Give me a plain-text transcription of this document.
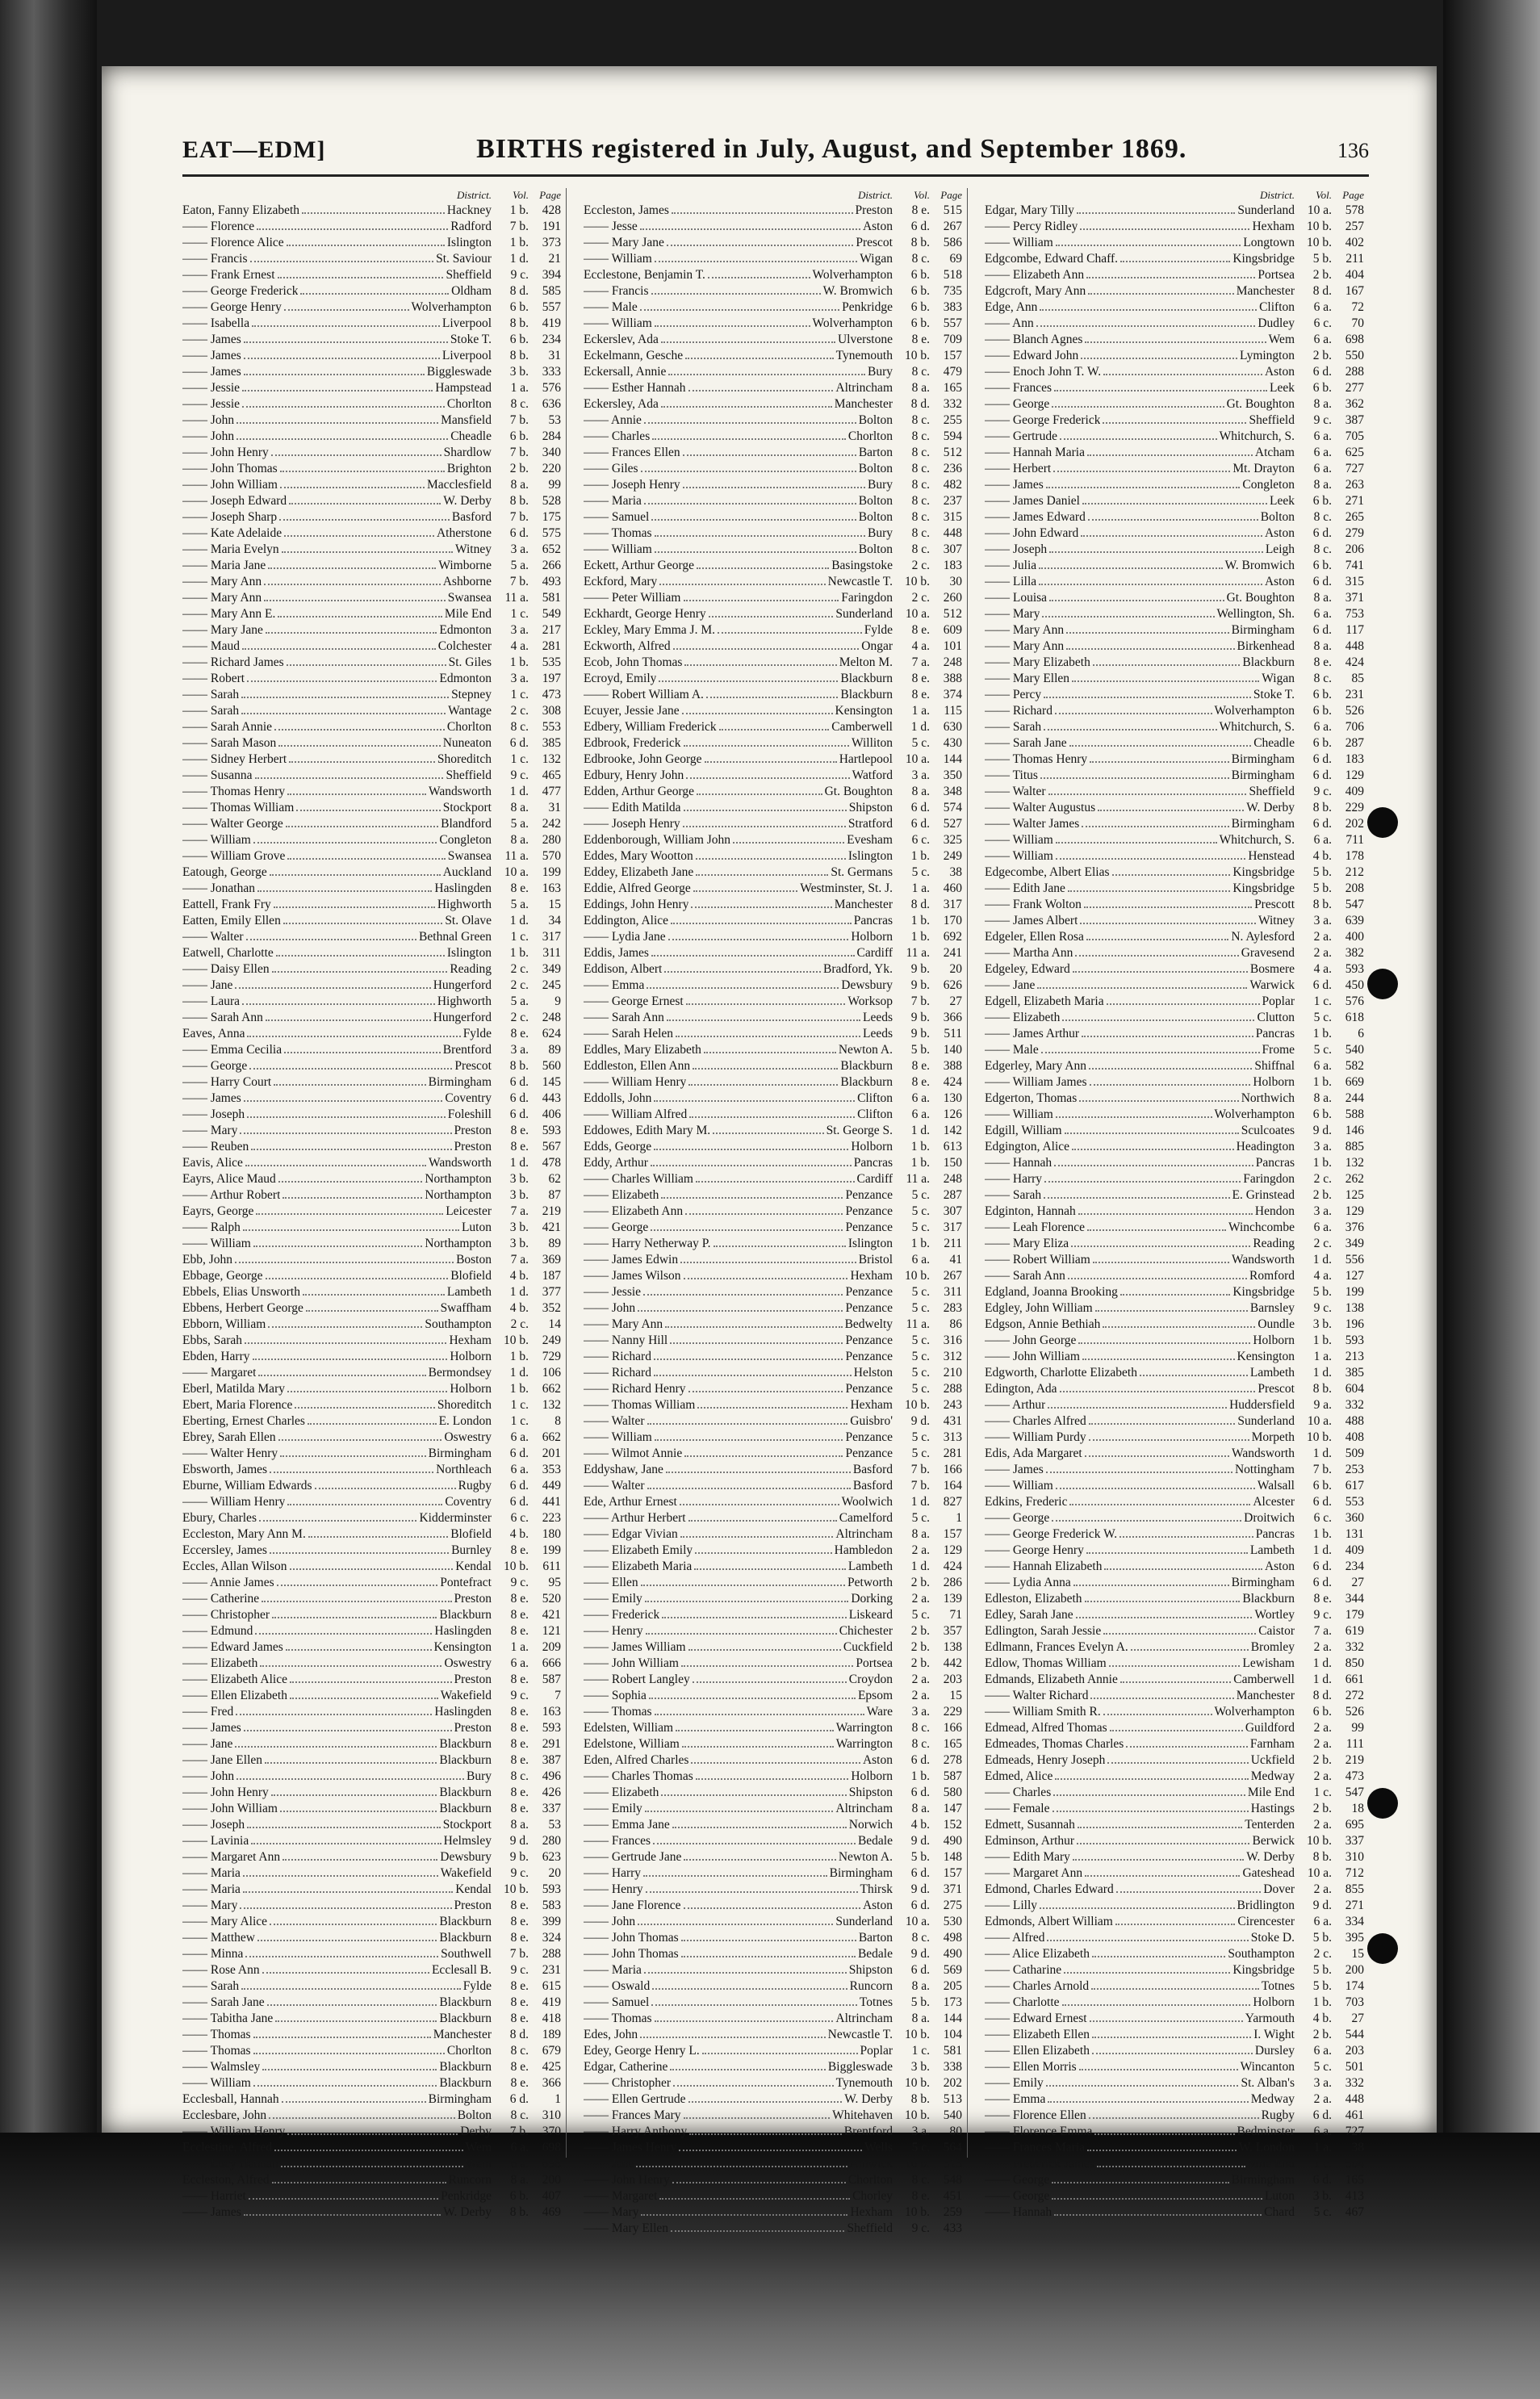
EAT—EDM]	BIRTHS registered in July, August, and September 1869.	136
District.	Vol.	Page
Eaton, Fanny Elizabeth	Hackney	1 b.	428
—— Florence	Radford	7 b.	191
—— Florence Alice	Islington	1 b.	373
—— Francis	St. Saviour	1 d.	21
—— Frank Ernest	Sheffield	9 c.	394
—— George Frederick	Oldham	8 d.	585
—— George Henry	Wolverhampton	6 b.	557
—— Isabella	Liverpool	8 b.	419
—— James	Stoke T.	6 b.	234
—— James	Liverpool	8 b.	31
—— James	Biggleswade	3 b.	333
—— Jessie	Hampstead	1 a.	576
—— Jessie	Chorlton	8 c.	636
—— John	Mansfield	7 b.	53
—— John	Cheadle	6 b.	284
—— John Henry	Shardlow	7 b.	340
—— John Thomas	Brighton	2 b.	220
—— John William	Macclesfield	8 a.	99
—— Joseph Edward	W. Derby	8 b.	528
—— Joseph Sharp	Basford	7 b.	175
—— Kate Adelaide	Atherstone	6 d.	575
—— Maria Evelyn	Witney	3 a.	652
—— Maria Jane	Wimborne	5 a.	266
—— Mary Ann	Ashborne	7 b.	493
—— Mary Ann	Swansea	11 a.	581
—— Mary Ann E.	Mile End	1 c.	549
—— Mary Jane	Edmonton	3 a.	217
—— Maud	Colchester	4 a.	281
—— Richard James	St. Giles	1 b.	535
—— Robert	Edmonton	3 a.	197
—— Sarah	Stepney	1 c.	473
—— Sarah	Wantage	2 c.	308
—— Sarah Annie	Chorlton	8 c.	553
—— Sarah Mason	Nuneaton	6 d.	385
—— Sidney Herbert	Shoreditch	1 c.	132
—— Susanna	Sheffield	9 c.	465
—— Thomas Henry	Wandsworth	1 d.	477
—— Thomas William	Stockport	8 a.	31
—— Walter George	Blandford	5 a.	242
—— William	Congleton	8 a.	280
—— William Grove	Swansea	11 a.	570
Eatough, George	Auckland	10 a.	199
—— Jonathan	Haslingden	8 e.	163
Eattell, Frank Fry	Highworth	5 a.	15
Eatten, Emily Ellen	St. Olave	1 d.	34
—— Walter	Bethnal Green	1 c.	317
Eatwell, Charlotte	Islington	1 b.	311
—— Daisy Ellen	Reading	2 c.	349
—— Jane	Hungerford	2 c.	245
—— Laura	Highworth	5 a.	9
—— Sarah Ann	Hungerford	2 c.	248
Eaves, Anna	Fylde	8 e.	624
—— Emma Cecilia	Brentford	3 a.	89
—— George	Prescot	8 b.	560
—— Harry Court	Birmingham	6 d.	145
—— James	Coventry	6 d.	443
—— Joseph	Foleshill	6 d.	406
—— Mary	Preston	8 e.	593
—— Reuben	Preston	8 e.	567
Eavis, Alice	Wandsworth	1 d.	478
Eayrs, Alice Maud	Northampton	3 b.	62
—— Arthur Robert	Northampton	3 b.	87
Eayrs, George	Leicester	7 a.	219
—— Ralph	Luton	3 b.	421
—— William	Northampton	3 b.	89
Ebb, John	Boston	7 a.	369
Ebbage, George	Blofield	4 b.	187
Ebbels, Elias Unsworth	Lambeth	1 d.	377
Ebbens, Herbert George	Swaffham	4 b.	352
Ebborn, William	Southampton	2 c.	14
Ebbs, Sarah	Hexham 10 b.	249
Ebden, Harry	Holborn	1 b.	729
—— Margaret	Bermondsey	1 d.	106
Eberl, Matilda Mary	Holborn	1 b.	662
Ebert, Maria Florence	Shoreditch	1 c.	132
Eberting, Ernest Charles	E. London	1 c.	8
Ebrey, Sarah Ellen	Oswestry	6 a.	662
—— Walter Henry	Birmingham	6 d.	201
Ebsworth, James	Northleach	6 a.	353
Eburne, William Edwards	Rugby	6 d.	449
—— William Henry	Coventry	6 d.	441
Ebury, Charles	Kidderminster	6 c.	223
Eccleston, Mary Ann M.	Blofield	4 b.	180
Eccersley, James	Burnley	8 e.	199
Eccles, Allan Wilson	Kendal 10 b.	611
—— Annie James	Pontefract	9 c.	95
—— Catherine	Preston	8 e.	520
—— Christopher	Blackburn	8 e.	421
—— Edmund	Haslingden	8 e.	121
—— Edward James	Kensington	1 a.	209
—— Elizabeth	Oswestry	6 a.	666
—— Elizabeth Alice	Preston	8 e.	587
—— Ellen Elizabeth	Wakefield	9 c.	7
—— Fred	Haslingden	8 e.	163
—— James	Preston	8 e.	593
—— Jane	Blackburn	8 e.	291
—— Jane Ellen	Blackburn	8 e.	387
—— John	Bury	8 c.	496
—— John Henry	Blackburn	8 e.	426
—— John William	Blackburn	8 e.	337
—— Joseph	Stockport	8 a.	53
—— Lavinia	Helmsley	9 d.	280
—— Margaret Ann	Dewsbury	9 b.	623
—— Maria	Wakefield	9 c.	20
—— Maria	Kendal 10 b.	593
—— Mary	Preston	8 e.	583
—— Mary Alice	Blackburn	8 e.	399
—— Matthew	Blackburn	8 e.	324
—— Minna	Southwell	7 b.	288
—— Rose Ann	Ecclesall B.	9 c.	231
—— Sarah	Fylde	8 e.	615
—— Sarah Jane	Blackburn	8 e.	419
—— Tabitha Jane	Blackburn	8 e.	418
—— Thomas	Manchester	8 d.	189
—— Thomas	Chorlton	8 c.	679
—— Walmsley	Blackburn	8 e.	425
—— William	Blackburn	8 e.	366
Ecclesball, Hannah	Birmingham	6 d.	1
Ecclesbare, John	Bolton	8 c.	310
—— William Henry	Derby	7 b.	370
Ecclestine, Alfred	Wem	6 a.	698
—— Lucy Hannah	Wem	6 a.	698
Eccleston, Alfred	Runcorn	8 a.	200
—— Harriet	Penkridge	6 b.	407
—— James	W. Derby	8 b.	469
District.	Vol.	Page
Eccleston, James	Preston	8 e.	515
—— Jesse	Aston	6 d.	267
—— Mary Jane	Prescot	8 b.	586
—— William	Wigan	8 c.	69
Ecclestone, Benjamin T.	Wolverhampton	6 b.	518
—— Francis	W. Bromwich	6 b.	735
—— Male	Penkridge	6 b.	383
—— William	Wolverhampton	6 b.	557
Eckerslev, Ada	Ulverstone	8 e.	709
Eckelmann, Gesche	Tynemouth 10 b.	157
Eckersall, Annie	Bury	8 c.	479
—— Esther Hannah	Altrincham	8 a.	165
Eckersley, Ada	Manchester	8 d.	332
—— Annie	Bolton	8 c.	255
—— Charles	Chorlton	8 c.	594
—— Frances Ellen	Barton	8 c.	512
—— Giles	Bolton	8 c.	236
—— Joseph Henry	Bury	8 c.	482
—— Maria	Bolton	8 c.	237
—— Samuel	Bolton	8 c.	315
—— Thomas	Bury	8 c.	448
—— William	Bolton	8 c.	307
Eckett, Arthur George	Basingstoke	2 c.	183
Eckford, Mary	Newcastle T. 10 b.	30
—— Peter William	Faringdon	2 c.	260
Eckhardt, George Henry	Sunderland	10 a.	512
Eckley, Mary Emma J. M.	Fylde	8 e.	609
Eckworth, Alfred	Ongar	4 a.	101
Ecob, John Thomas	Melton M.	7 a.	248
Ecroyd, Emily	Blackburn	8 e.	388
—— Robert William A.	Blackburn	8 e.	374
Ecuyer, Jessie Jane	Kensington	1 a.	115
Edbery, William Frederick	Camberwell	1 d.	630
Edbrook, Frederick	Williton	5 c.	430
Edbrooke, John George	Hartlepool	10 a.	144
Edbury, Henry John	Watford	3 a.	350
Edden, Arthur George	Gt. Boughton	8 a.	348
—— Edith Matilda	Shipston	6 d.	574
—— Joseph Henry	Stratford	6 d.	527
Eddenborough, William John	Evesham	6 c.	325
Eddes, Mary Wootton	Islington	1 b.	249
Eddey, Elizabeth Jane	St. Germans	5 c.	38
Eddie, Alfred George	Westminster, St. J.	1 a.	460
Eddings, John Henry	Manchester	8 d.	317
Eddington, Alice	Pancras	1 b.	170
—— Lydia Jane	Holborn	1 b.	692
Eddis, James	Cardiff	11 a.	241
Eddison, Albert	Bradford, Yk.	9 b.	20
—— Emma	Dewsbury	9 b.	626
—— George Ernest	Worksop	7 b.	27
—— Sarah Ann	Leeds	9 b.	366
—— Sarah Helen	Leeds	9 b.	511
Eddles, Mary Elizabeth	Newton A.	5 b.	140
Eddleston, Ellen Ann	Blackburn	8 e.	388
—— William Henry	Blackburn	8 e.	424
Eddolls, John	Clifton	6 a.	130
—— William Alfred	Clifton	6 a.	126
Eddowes, Edith Mary M.	St. George S.	1 d.	142
Edds, George	Holborn	1 b.	613
Eddy, Arthur	Pancras	1 b.	150
—— Charles William	Cardiff	11 a.	248
—— Elizabeth	Penzance	5 c.	287
—— Elizabeth Ann	Penzance	5 c.	307
—— George	Penzance	5 c.	317
—— Harry Netherway P.	Islington	1 b.	211
—— James Edwin	Bristol	6 a.	41
—— James Wilson	Hexham 10 b.	267
—— Jessie	Penzance	5 c.	311
—— John	Penzance	5 c.	283
—— Mary Ann	Bedwelty	11 a.	86
—— Nanny Hill	Penzance	5 c.	316
—— Richard	Penzance	5 c.	312
—— Richard	Helston	5 c.	210
—— Richard Henry	Penzance	5 c.	288
—— Thomas William	Hexham 10 b.	243
—— Walter	Guisbro'	9 d.	431
—— William	Penzance	5 c.	313
—— Wilmot Annie	Penzance	5 c.	281
Eddyshaw, Jane	Basford	7 b.	166
—— Walter	Basford	7 b.	164
Ede, Arthur Ernest	Woolwich	1 d.	827
—— Arthur Herbert	Camelford	5 c.	1
—— Edgar Vivian	Altrincham	8 a.	157
—— Elizabeth Emily	Hambledon	2 a.	129
—— Elizabeth Maria	Lambeth	1 d.	424
—— Ellen	Petworth	2 b.	286
—— Emily	Dorking	2 a.	139
—— Frederick	Liskeard	5 c.	71
—— Henry	Chichester	2 b.	357
—— James William	Cuckfield	2 b.	138
—— John William	Portsea	2 b.	442
—— Robert Langley	Croydon	2 a.	203
—— Sophia	Epsom	2 a.	15
—— Thomas	Ware	3 a.	229
Edelsten, William	Warrington	8 c.	166
Edelstone, William	Warrington	8 c.	165
Eden, Alfred Charles	Aston	6 d.	278
—— Charles Thomas	Holborn	1 b.	587
—— Elizabeth	Shipston	6 d.	580
—— Emily	Altrincham	8 a.	147
—— Emma Jane	Norwich	4 b.	152
—— Frances	Bedale	9 d.	490
—— Gertrude Jane	Newton A.	5 b.	148
—— Harry	Birmingham	6 d.	157
—— Henry	Thirsk	9 d.	371
—— Jane Florence	Aston	6 d.	275
—— John	Sunderland	10 a.	530
—— John Thomas	Barton	8 c.	498
—— John Thomas	Bedale	9 d.	490
—— Maria	Shipston	6 d.	569
—— Oswald	Runcorn	8 a.	205
—— Samuel	Totnes	5 b.	173
—— Thomas	Altrincham	8 a.	144
Edes, John	Newcastle T. 10 b.	104
Edey, George Henry L.	Poplar	1 c.	581
Edgar, Catherine	Biggleswade	3 b.	338
—— Christopher	Tynemouth 10 b.	202
—— Ellen Gertrude	W. Derby	8 b.	513
—— Frances Mary	Whitehaven 10 b.	540
—— Harry Anthony	Brentford	3 a.	80
—— James Henry	Wells	5 c.	564
—— Jane	Alnwick 10 b.	313
—— John Henry	Chorlton	8 c.	548
—— Margaret	Chorley	8 e.	451
—— Mary	Hexham 10 b.	259
—— Mary Ellen	Sheffield	9 c.	433
District.	Vol.	Page
Edgar, Mary Tilly	Sunderland	10 a.	578
—— Percy Ridley	Hexham 10 b.	257
—— William	Longtown 10 b.	402
Edgcombe, Edward Chaff.	Kingsbridge	5 b.	211
—— Elizabeth Ann	Portsea	2 b.	404
Edgcroft, Mary Ann	Manchester	8 d.	167
Edge, Ann	Clifton	6 a.	72
—— Ann	Dudley	6 c.	70
—— Blanch Agnes	Wem	6 a.	698
—— Edward John	Lymington	2 b.	550
—— Enoch John T. W.	Aston	6 d.	288
—— Frances	Leek	6 b.	277
—— George	Gt. Boughton	8 a.	362
—— George Frederick	Sheffield	9 c.	387
—— Gertrude	Whitchurch, S.	6 a.	705
—— Hannah Maria	Atcham	6 a.	625
—— Herbert	Mt. Drayton	6 a.	727
—— James	Congleton	8 a.	263
—— James Daniel	Leek	6 b.	271
—— James Edward	Bolton	8 c.	265
—— John Edward	Aston	6 d.	279
—— Joseph	Leigh	8 c.	206
—— Julia	W. Bromwich	6 b.	741
—— Lilla	Aston	6 d.	315
—— Louisa	Gt. Boughton	8 a.	371
—— Mary	Wellington, Sh.	6 a.	753
—— Mary Ann	Birmingham	6 d.	117
—— Mary Ann	Birkenhead	8 a.	448
—— Mary Elizabeth	Blackburn	8 e.	424
—— Mary Ellen	Wigan	8 c.	85
—— Percy	Stoke T.	6 b.	231
—— Richard	Wolverhampton	6 b.	526
—— Sarah	Whitchurch, S.	6 a.	706
—— Sarah Jane	Cheadle	6 b.	287
—— Thomas Henry	Birmingham	6 d.	183
—— Titus	Birmingham	6 d.	129
—— Walter	Sheffield	9 c.	409
—— Walter Augustus	W. Derby	8 b.	229
—— Walter James	Birmingham	6 d.	202
—— William	Whitchurch, S.	6 a.	711
—— William	Henstead	4 b.	178
Edgecombe, Albert Elias	Kingsbridge	5 b.	212
—— Edith Jane	Kingsbridge	5 b.	208
—— Frank Wolton	Prescott	8 b.	547
—— James Albert	Witney	3 a.	639
Edgeler, Ellen Rosa	N. Aylesford	2 a.	400
—— Martha Ann	Gravesend	2 a.	382
Edgeley, Edward	Bosmere	4 a.	593
—— Jane	Warwick	6 d.	450
Edgell, Elizabeth Maria	Poplar	1 c.	576
—— Elizabeth	Clutton	5 c.	618
—— James Arthur	Pancras	1 b.	6
—— Male	Frome	5 c.	540
Edgerley, Mary Ann	Shiffnal	6 a.	582
—— William James	Holborn	1 b.	669
Edgerton, Thomas	Northwich	8 a.	244
—— William	Wolverhampton	6 b.	588
Edgill, William	Sculcoates	9 d.	146
Edgington, Alice	Headington	3 a.	885
—— Hannah	Pancras	1 b.	132
—— Harry	Faringdon	2 c.	262
—— Sarah	E. Grinstead	2 b.	125
Edginton, Hannah	Hendon	3 a.	129
—— Leah Florence	Winchcombe	6 a.	376
—— Mary Eliza	Reading	2 c.	349
—— Robert William	Wandsworth	1 d.	556
—— Sarah Ann	Romford	4 a.	127
Edgland, Joanna Brooking	Kingsbridge	5 b.	199
Edgley, John William	Barnsley	9 c.	138
Edgson, Annie Bethiah	Oundle	3 b.	196
—— John George	Holborn	1 b.	593
—— John William	Kensington	1 a.	213
Edgworth, Charlotte Elizabeth	Lambeth	1 d.	385
Edington, Ada	Prescot	8 b.	604
—— Arthur	Huddersfield	9 a.	332
—— Charles Alfred	Sunderland	10 a.	488
—— William Purdy	Morpeth 10 b.	408
Edis, Ada Margaret	Wandsworth	1 d.	509
—— James	Nottingham	7 b.	253
—— William	Walsall	6 b.	617
Edkins, Frederic	Alcester	6 d.	553
—— George	Droitwich	6 c.	360
—— George Frederick W.	Pancras	1 b.	131
—— George Henry	Lambeth	1 d.	409
—— Hannah Elizabeth	Aston	6 d.	234
—— Lydia Anna	Birmingham	6 d.	27
Edleston, Elizabeth	Blackburn	8 e.	344
Edley, Sarah Jane	Wortley	9 c.	179
Edlington, Sarah Jessie	Caistor	7 a.	619
Edlmann, Frances Evelyn A.	Bromley	2 a.	332
Edlow, Thomas William	Lewisham	1 d.	850
Edmands, Elizabeth Annie	Camberwell	1 d.	661
—— Walter Richard	Manchester	8 d.	272
—— William Smith R.	Wolverhampton	6 b.	526
Edmead, Alfred Thomas	Guildford	2 a.	99
Edmeades, Thomas Charles	Farnham	2 a.	111
Edmeads, Henry Joseph	Uckfield	2 b.	219
Edmed, Alice	Medway	2 a.	473
—— Charles	Mile End	1 c.	547
—— Female	Hastings	2 b.	18
Edmett, Susannah	Tenterden	2 a.	695
Edminson, Arthur	Berwick 10 b.	337
—— Edith Mary	W. Derby	8 b.	310
—— Margaret Ann	Gateshead	10 a.	712
Edmond, Charles Edward	Dover	2 a.	855
—— Lilly	Bridlington	9 d.	271
Edmonds, Albert William	Cirencester	6 a.	334
—— Alfred	Stoke D.	5 b.	395
—— Alice Elizabeth	Southampton	2 c.	15
—— Catharine	Kingsbridge	5 b.	200
—— Charles Arnold	Totnes	5 b.	174
—— Charlotte	Holborn	1 b.	703
—— Edward Ernest	Yarmouth	4 b.	27
—— Elizabeth Ellen	I. Wight	2 b.	544
—— Ellen Elizabeth	Dursley	6 a.	203
—— Ellen Morris	Wincanton	5 c.	501
—— Emily	St. Alban's	3 a.	332
—— Emma	Medway	2 a.	448
—— Florence Ellen	Rugby	6 d.	461
—— Florence Emma	Bedminster	6 a.	727
—— Frances Maria	W. London	1 a.	38
—— Frederick James	Mile End	1 c.	504
—— George	Birmingham	6 d.	165
—— George	Luton	3 b.	413
—— Hannah	Chard	5 c.	467
